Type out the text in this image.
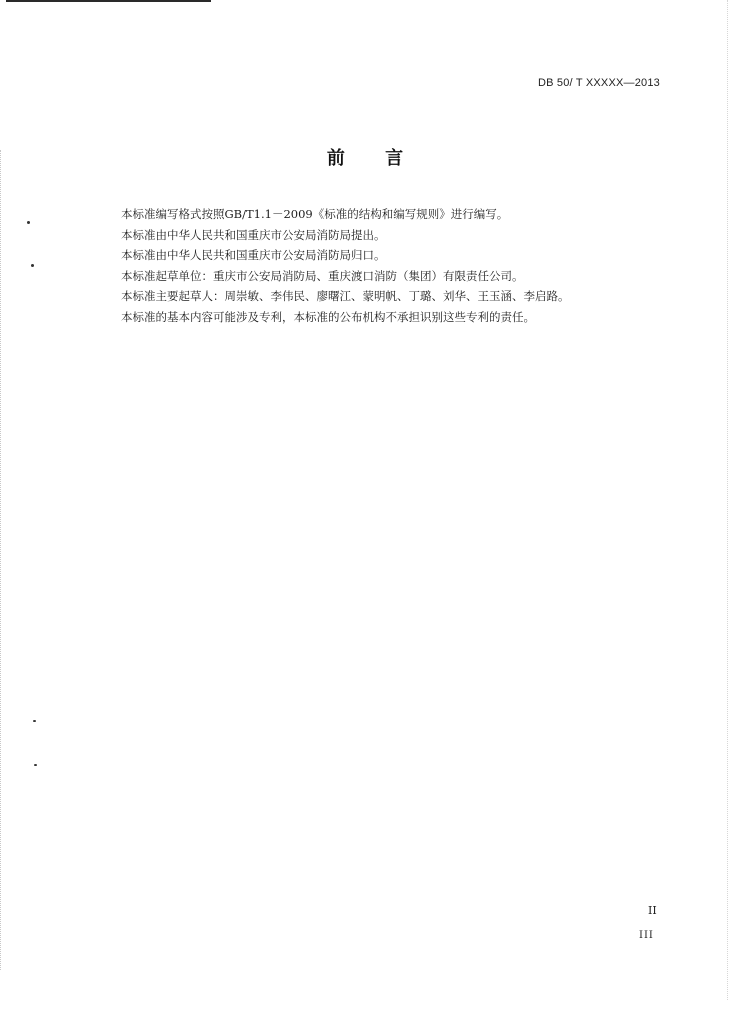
DB 50/ T XXXXX—2013
前 言
本标准编写格式按照GB/T1.1－2009《标准的结构和编写规则》进行编写。
本标准由中华人民共和国重庆市公安局消防局提出。
本标准由中华人民共和国重庆市公安局消防局归口。
本标准起草单位：重庆市公安局消防局、重庆渡口消防（集团）有限责任公司。
本标准主要起草人：周崇敏、李伟民、廖曙江、蒙明帆、丁璐、刘华、王玉涵、李启路。
本标准的基本内容可能涉及专利，本标准的公布机构不承担识别这些专利的责任。
II
III
